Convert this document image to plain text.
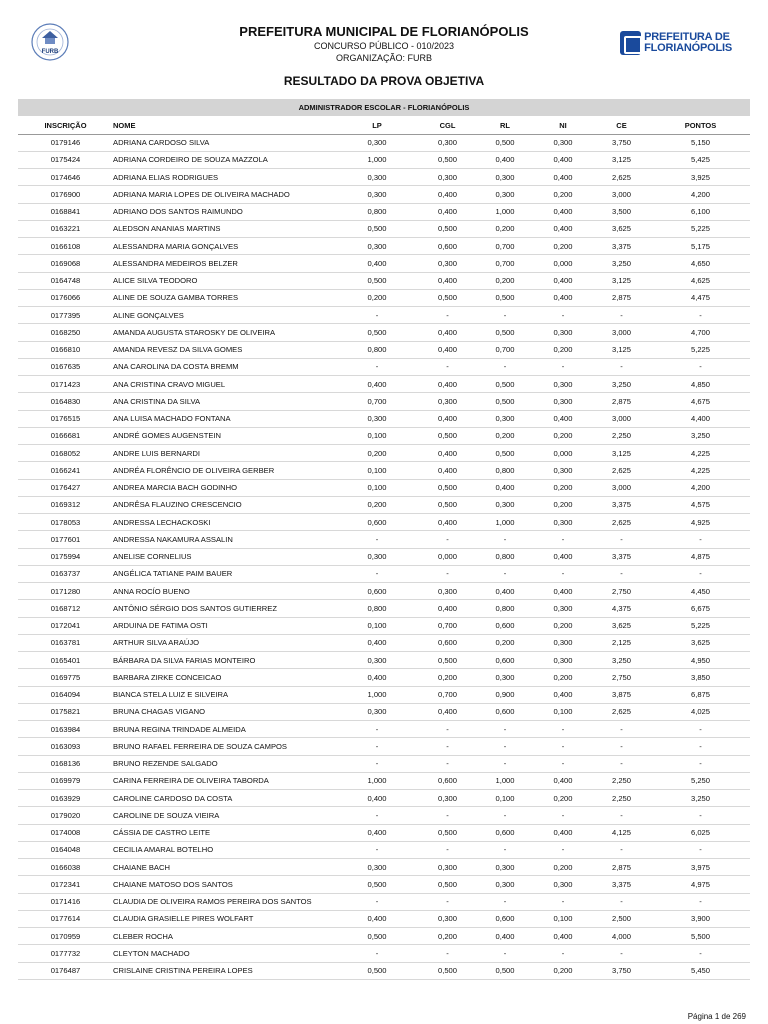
FURB
PREFEITURA MUNICIPAL DE FLORIANÓPOLIS
CONCURSO PÚBLICO - 010/2023
ORGANIZAÇÃO: FURB
PREFEITURA DE
FLORIANÓPOLIS
RESULTADO DA PROVA OBJETIVA
ADMINISTRADOR ESCOLAR - FLORIANÓPOLIS
INSCRIÇÃO	NOME	LP	CGL	RL	NI	CE	PONTOS
0179146	ADRIANA CARDOSO SILVA	0,300	0,300	0,500	0,300	3,750	5,150
0175424	ADRIANA CORDEIRO DE SOUZA MAZZOLA	1,000	0,500	0,400	0,400	3,125	5,425
0174646	ADRIANA ELIAS RODRIGUES	0,300	0,300	0,300	0,400	2,625	3,925
0176900	ADRIANA MARIA LOPES DE OLIVEIRA MACHADO	0,300	0,400	0,300	0,200	3,000	4,200
0168841	ADRIANO DOS SANTOS RAIMUNDO	0,800	0,400	1,000	0,400	3,500	6,100
0163221	ALEDSON ANANIAS MARTINS	0,500	0,500	0,200	0,400	3,625	5,225
0166108	ALESSANDRA MARIA GONÇALVES	0,300	0,600	0,700	0,200	3,375	5,175
0169068	ALESSANDRA MEDEIROS BELZER	0,400	0,300	0,700	0,000	3,250	4,650
0164748	ALICE SILVA TEODORO	0,500	0,400	0,200	0,400	3,125	4,625
0176066	ALINE DE SOUZA GAMBA TORRES	0,200	0,500	0,500	0,400	2,875	4,475
0177395	ALINE GONÇALVES	-	-	-	-	-	-
0168250	AMANDA AUGUSTA STAROSKY DE OLIVEIRA	0,500	0,400	0,500	0,300	3,000	4,700
0166810	AMANDA REVESZ DA SILVA GOMES	0,800	0,400	0,700	0,200	3,125	5,225
0167635	ANA CAROLINA DA COSTA BREMM	-	-	-	-	-	-
0171423	ANA CRISTINA CRAVO MIGUEL	0,400	0,400	0,500	0,300	3,250	4,850
0164830	ANA CRISTINA DA SILVA	0,700	0,300	0,500	0,300	2,875	4,675
0176515	ANA LUISA MACHADO FONTANA	0,300	0,400	0,300	0,400	3,000	4,400
0166681	ANDRÉ GOMES AUGENSTEIN	0,100	0,500	0,200	0,200	2,250	3,250
0168052	ANDRE LUIS BERNARDI	0,200	0,400	0,500	0,000	3,125	4,225
0166241	ANDRÉA FLORÊNCIO DE OLIVEIRA GERBER	0,100	0,400	0,800	0,300	2,625	4,225
0176427	ANDREA MARCIA BACH GODINHO	0,100	0,500	0,400	0,200	3,000	4,200
0169312	ANDRÊSA FLAUZINO CRESCENCIO	0,200	0,500	0,300	0,200	3,375	4,575
0178053	ANDRESSA LECHACKOSKI	0,600	0,400	1,000	0,300	2,625	4,925
0177601	ANDRESSA NAKAMURA ASSALIN	-	-	-	-	-	-
0175994	ANELISE CORNELIUS	0,300	0,000	0,800	0,400	3,375	4,875
0163737	ANGÉLICA TATIANE PAIM BAUER	-	-	-	-	-	-
0171280	ANNA ROCÍO BUENO	0,600	0,300	0,400	0,400	2,750	4,450
0168712	ANTÔNIO SÉRGIO DOS SANTOS GUTIERREZ	0,800	0,400	0,800	0,300	4,375	6,675
0172041	ARDUINA DE FATIMA OSTI	0,100	0,700	0,600	0,200	3,625	5,225
0163781	ARTHUR SILVA ARAÚJO	0,400	0,600	0,200	0,300	2,125	3,625
0165401	BÁRBARA DA SILVA FARIAS MONTEIRO	0,300	0,500	0,600	0,300	3,250	4,950
0169775	BARBARA ZIRKE CONCEICAO	0,400	0,200	0,300	0,200	2,750	3,850
0164094	BIANCA STELA LUIZ E SILVEIRA	1,000	0,700	0,900	0,400	3,875	6,875
0175821	BRUNA CHAGAS VIGANO	0,300	0,400	0,600	0,100	2,625	4,025
0163984	BRUNA REGINA TRINDADE ALMEIDA	-	-	-	-	-	-
0163093	BRUNO RAFAEL FERREIRA DE SOUZA CAMPOS	-	-	-	-	-	-
0168136	BRUNO REZENDE SALGADO	-	-	-	-	-	-
0169979	CARINA FERREIRA DE OLIVEIRA TABORDA	1,000	0,600	1,000	0,400	2,250	5,250
0163929	CAROLINE CARDOSO DA COSTA	0,400	0,300	0,100	0,200	2,250	3,250
0179020	CAROLINE DE SOUZA VIEIRA	-	-	-	-	-	-
0174008	CÁSSIA DE CASTRO LEITE	0,400	0,500	0,600	0,400	4,125	6,025
0164048	CECILIA AMARAL BOTELHO	-	-	-	-	-	-
0166038	CHAIANE BACH	0,300	0,300	0,300	0,200	2,875	3,975
0172341	CHAIANE MATOSO DOS SANTOS	0,500	0,500	0,300	0,300	3,375	4,975
0171416	CLAUDIA DE OLIVEIRA RAMOS PEREIRA DOS SANTOS	-	-	-	-	-	-
0177614	CLAUDIA GRASIELLE PIRES WOLFART	0,400	0,300	0,600	0,100	2,500	3,900
0170959	CLEBER ROCHA	0,500	0,200	0,400	0,400	4,000	5,500
0177732	CLEYTON MACHADO	-	-	-	-	-	-
0176487	CRISLAINE CRISTINA PEREIRA LOPES	0,500	0,500	0,500	0,200	3,750	5,450
Página 1 de 269
